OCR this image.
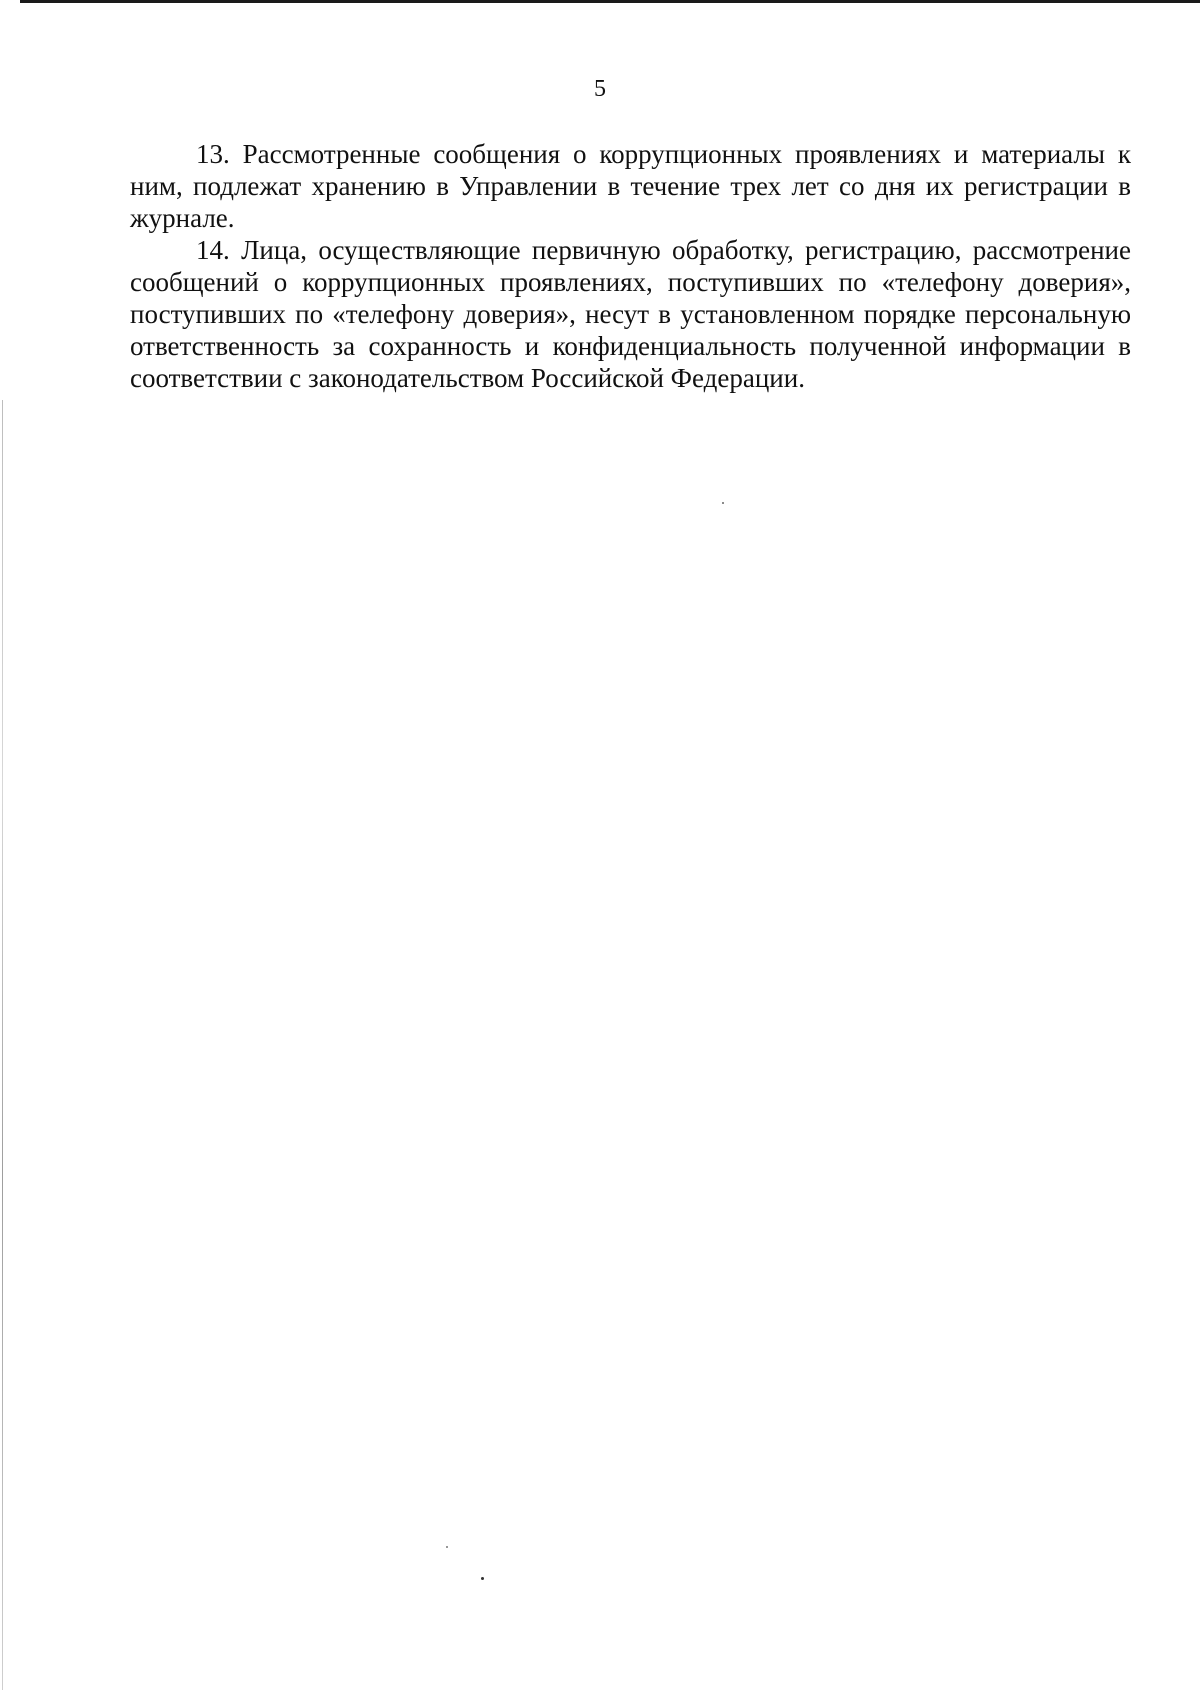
5

13. Рассмотренные сообщения о коррупционных проявлениях и материалы к ним, подлежат хранению в Управлении в течение трех лет со дня их регистрации в журнале.

14. Лица, осуществляющие первичную обработку, регистрацию, рассмотрение сообщений о коррупционных проявлениях, поступивших по «телефону доверия», поступивших по «телефону доверия», несут в установленном порядке персональную ответственность за сохранность и конфиденциальность полученной информации в соответствии с законодательством Российской Федерации.
